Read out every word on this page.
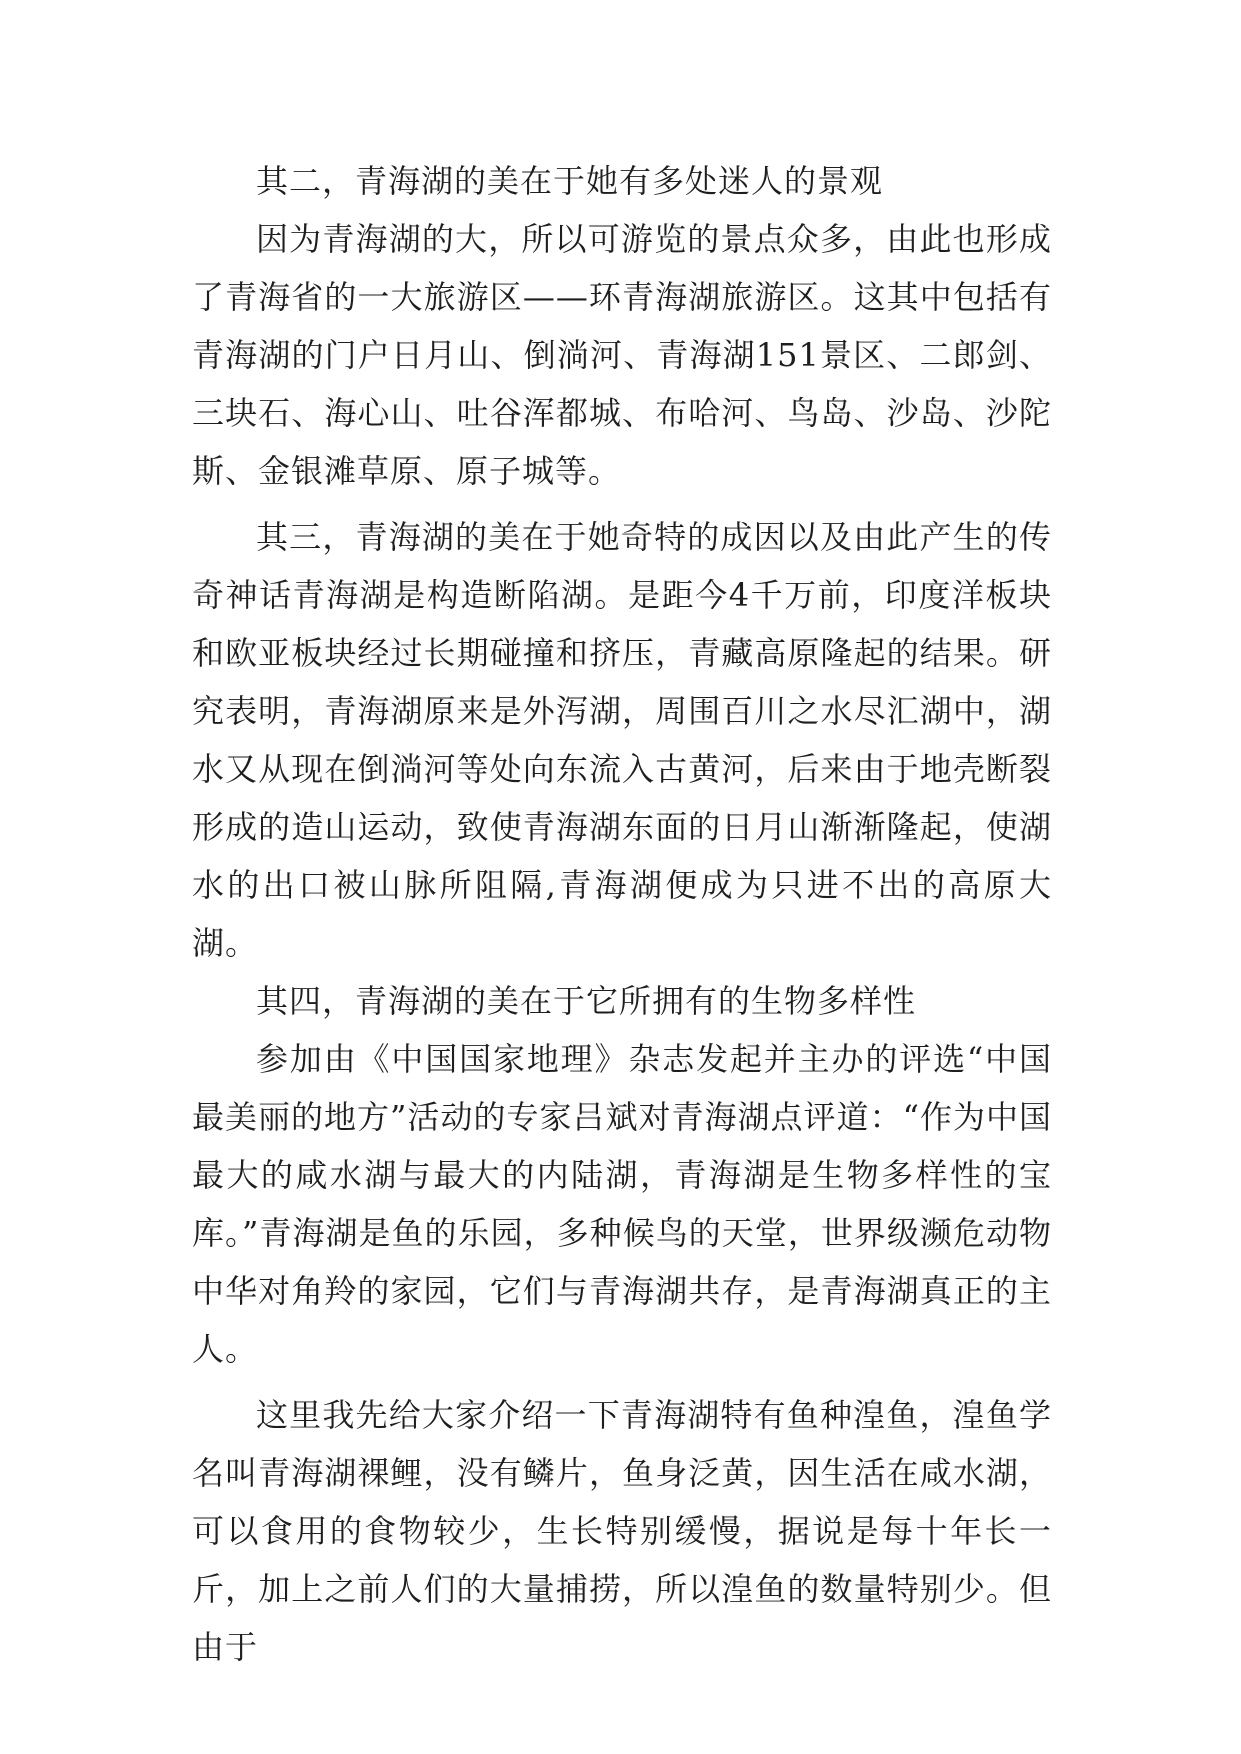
其二，青海湖的美在于她有多处迷人的景观

因为青海湖的大，所以可游览的景点众多，由此也形成了青海省的一大旅游区——环青海湖旅游区。这其中包括有青海湖的门户日月山、倒淌河、青海湖151景区、二郎剑、三块石、海心山、吐谷浑都城、布哈河、鸟岛、沙岛、沙陀斯、金银滩草原、原子城等。

其三，青海湖的美在于她奇特的成因以及由此产生的传奇神话青海湖是构造断陷湖。是距今4千万前，印度洋板块和欧亚板块经过长期碰撞和挤压，青藏高原隆起的结果。研究表明，青海湖原来是外泻湖，周围百川之水尽汇湖中，湖水又从现在倒淌河等处向东流入古黄河，后来由于地壳断裂形成的造山运动，致使青海湖东面的日月山渐渐隆起，使湖水的出口被山脉所阻隔,青海湖便成为只进不出的高原大湖。

其四，青海湖的美在于它所拥有的生物多样性

参加由《中国国家地理》杂志发起并主办的评选“中国最美丽的地方”活动的专家吕斌对青海湖点评道：“作为中国最大的咸水湖与最大的内陆湖，青海湖是生物多样性的宝库。”青海湖是鱼的乐园，多种候鸟的天堂，世界级濒危动物中华对角羚的家园，它们与青海湖共存，是青海湖真正的主人。

这里我先给大家介绍一下青海湖特有鱼种湟鱼，湟鱼学名叫青海湖裸鲤，没有鳞片，鱼身泛黄，因生活在咸水湖，可以食用的食物较少，生长特别缓慢，据说是每十年长一斤，加上之前人们的大量捕捞，所以湟鱼的数量特别少。但由于
